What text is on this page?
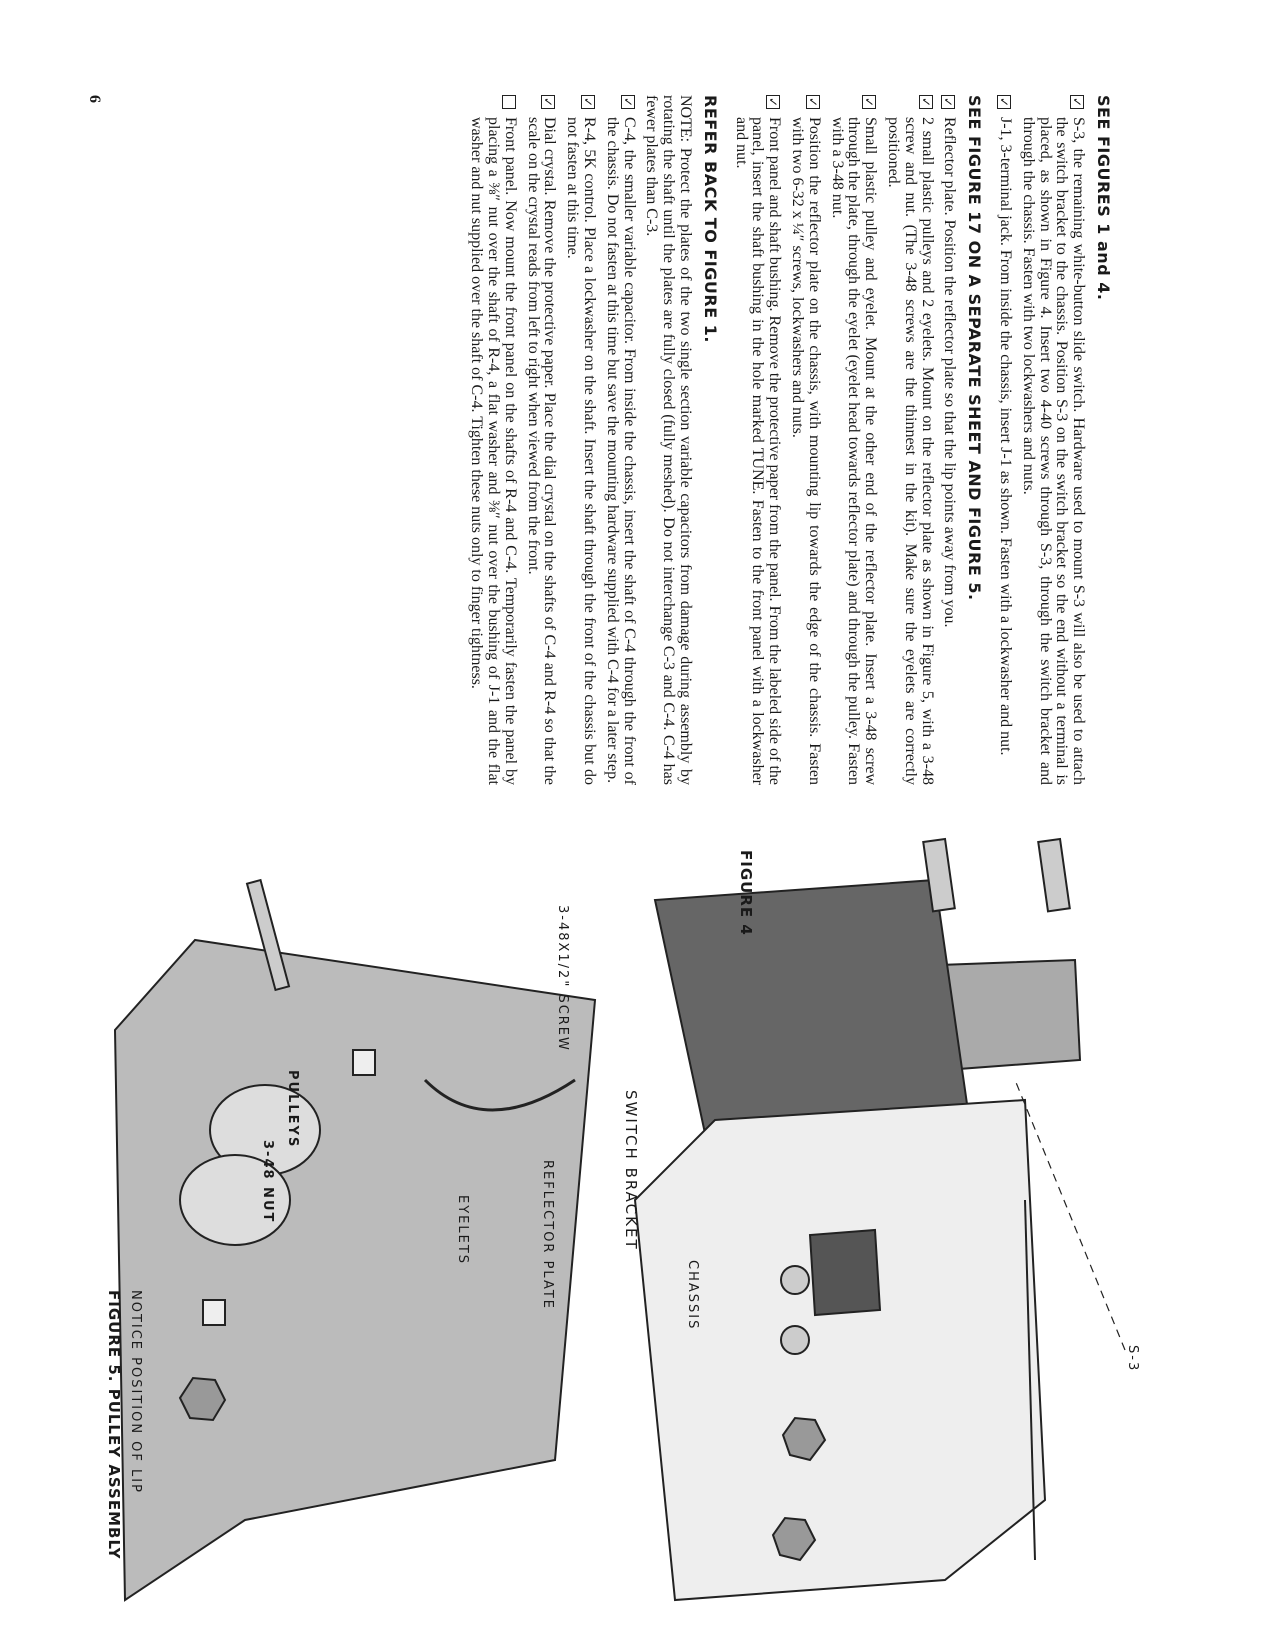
SEE FIGURES 1 and 4.
✓
S-3, the remaining white-button slide switch. Hardware used to mount S-3 will also be used to attach the switch bracket to the chassis. Position S-3 on the switch bracket so the end without a terminal is placed, as shown in Figure 4. Insert two 4-40 screws through S-3, through the switch bracket and through the chassis. Fasten with two lockwashers and nuts.
✓
J-1, 3-terminal jack. From inside the chassis, insert J-1 as shown. Fasten with a lockwasher and nut.
SEE FIGURE 17 ON A SEPARATE SHEET AND FIGURE 5.
✓
Reflector plate. Position the reflector plate so that the lip points away from you.
✓
2 small plastic pulleys and 2 eyelets. Mount on the reflector plate as shown in Figure 5, with a 3-48 screw and nut. (The 3-48 screws are the thinnest in the kit). Make sure the eyelets are correctly positioned.
✓
Small plastic pulley and eyelet. Mount at the other end of the reflector plate. Insert a 3-48 screw through the plate, through the eyelet (eyelet head towards reflector plate) and through the pulley. Fasten with a 3-48 nut.
✓
Position the reflector plate on the chassis, with mounting lip towards the edge of the chassis. Fasten with two 6-32 x ¼″ screws, lockwashers and nuts.
✓
Front panel and shaft bushing. Remove the protective paper from the panel. From the labeled side of the panel, insert the shaft bushing in the hole marked TUNE. Fasten to the front panel with a lockwasher and nut.
REFER BACK TO FIGURE 1.
NOTE: Protect the plates of the two single section variable capacitors from damage during assembly by rotating the shaft until the plates are fully closed (fully meshed). Do not interchange C-3 and C-4. C-4 has fewer plates than C-3.
✓
C-4, the smaller variable capacitor. From inside the chassis, insert the shaft of C-4 through the front of the chassis. Do not fasten at this time but save the mounting hardware supplied with C-4 for a later step.
✓
R-4, 5K control. Place a lockwasher on the shaft. Insert the shaft through the front of the chassis but do not fasten at this time.
✓
Dial crystal. Remove the protective paper. Place the dial crystal on the shafts of C-4 and R-4 so that the scale on the crystal reads from left to right when viewed from the front.
Front panel. Now mount the front panel on the shafts of R-4 and C-4. Temporarily fasten the panel by placing a ⅜″ nut over the shaft of R-4, a flat washer and ⅜″ nut over the bushing of J-1 and the flat washer and nut supplied over the shaft of C-4. Tighten these nuts only to finger tightness.
6
FIGURE 4
S-3
SWITCH BRACKET
CHASSIS
3-48X1/2" SCREW
REFLECTOR PLATE
EYELETS
PULLEYS
3-48 NUT
NOTICE POSITION OF LIP
FIGURE 5. PULLEY ASSEMBLY
